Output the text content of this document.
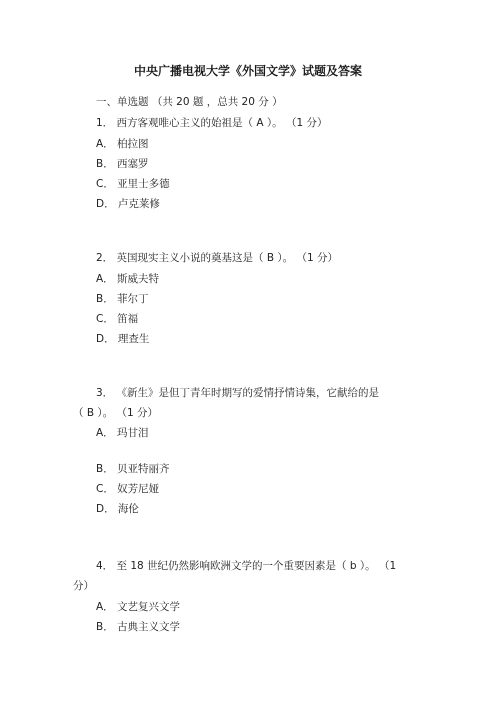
中央广播电视大学《外国文学》试题及答案
一、单选题 （共 20 题 ，总共 20 分 ）
1． 西方客观唯心主义的始祖是（ A ）。 （1 分）
A． 柏拉图
B． 西塞罗
C． 亚里士多德
D． 卢克莱修
2． 英国现实主义小说的奠基这是（ B ）。 （1 分）
A． 斯威夫特
B． 菲尔丁
C． 笛福
D． 理查生
3． 《新生》是但丁青年时期写的爱情抒情诗集，它献给的是
（ B ）。 （1 分）
A． 玛甘泪
B． 贝亚特丽齐
C． 奴芳尼娅
D． 海伦
4． 至 18 世纪仍然影响欧洲文学的一个重要因素是（ b ）。 （1
分）
A． 文艺复兴文学
B． 古典主义文学
